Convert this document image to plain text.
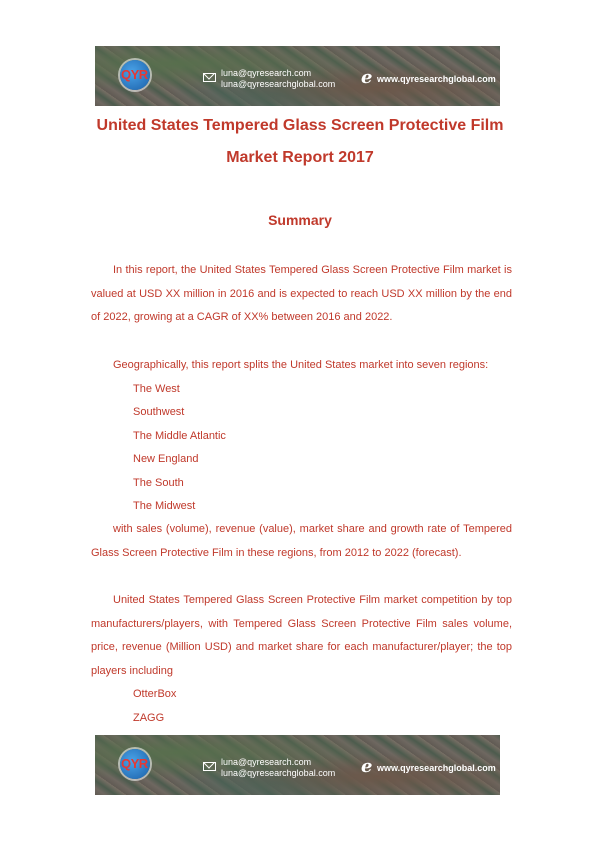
QYR	luna@qyresearch.com
luna@qyresearchglobal.com e www.qyresearchglobal.com
United States Tempered Glass Screen Protective Film
Market Report 2017
Summary
In this report, the United States Tempered Glass Screen Protective Film market is valued at USD XX million in 2016 and is expected to reach USD XX million by the end of 2022, growing at a CAGR of XX% between 2016 and 2022.
Geographically, this report splits the United States market into seven regions:
The West
Southwest
The Middle Atlantic
New England
The South
The Midwest
with sales (volume), revenue (value), market share and growth rate of Tempered Glass Screen Protective Film in these regions, from 2012 to 2022 (forecast).
United States Tempered Glass Screen Protective Film market competition by top manufacturers/players, with Tempered Glass Screen Protective Film sales volume, price, revenue (Million USD) and market share for each manufacturer/player; the top players including
OtterBox
ZAGG
QYR	luna@qyresearch.com
luna@qyresearchglobal.com e www.qyresearchglobal.com
